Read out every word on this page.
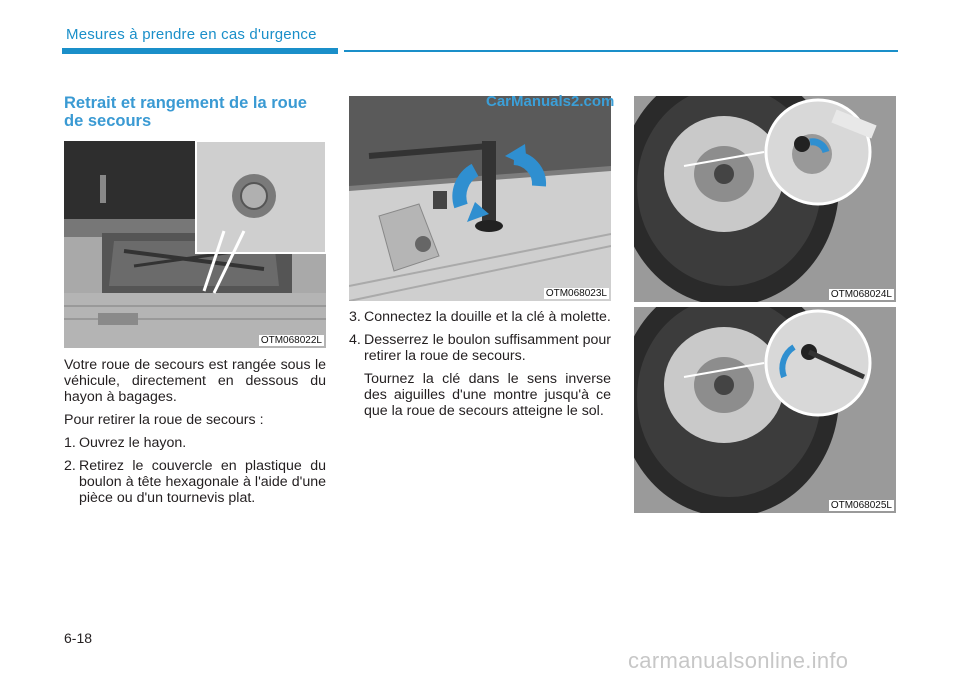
Mesures à prendre en cas d'urgence
Retrait et rangement de la roue de secours
OTM068022L
OTM068023L	OTM068024L
OTM068025L

Votre roue de secours est rangée sous le véhicule, directement en dessous du hayon à bagages.

Pour retirer la roue de secours :

1. Ouvrez le hayon.
2. Retirez le couvercle en plastique du boulon à tête hexagonale à l'aide d'une pièce ou d'un tournevis plat.
3. Connectez la douille et la clé à molette.
4. Desserrez le boulon suffisamment pour retirer la roue de secours.

Tournez la clé dans le sens inverse des aiguilles d'une montre jusqu'à ce que la roue de secours atteigne le sol.

CarManuals2.com
6-18
carmanualsonline.info
